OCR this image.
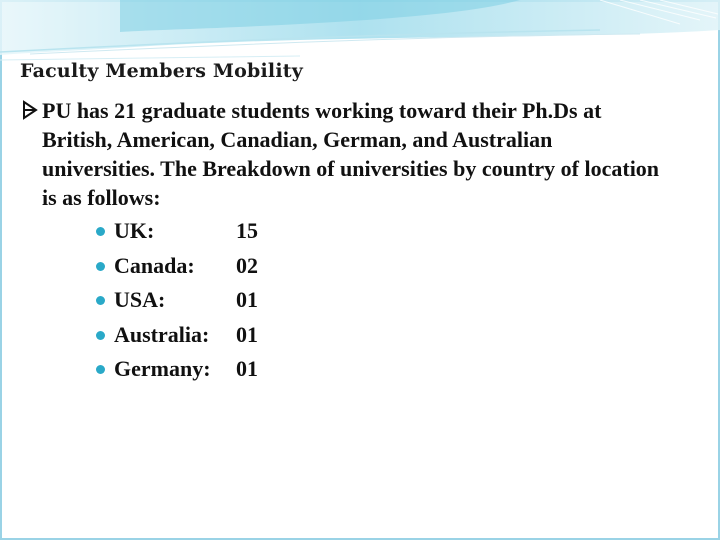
Faculty Members Mobility
PU has 21 graduate students working toward their Ph.Ds at British, American, Canadian, German, and Australian universities. The Breakdown of universities by country of location is as follows:
UK:	15
Canada: 02
USA:	01
Australia: 01
Germany: 01
